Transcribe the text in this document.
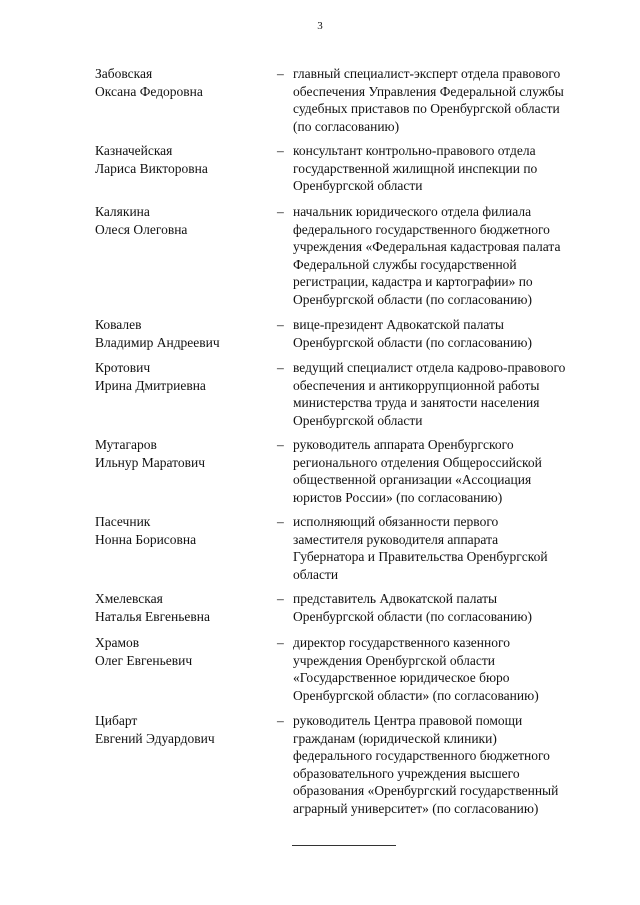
3
Забовская
Оксана Федоровна
– главный специалист-эксперт отдела правового
обеспечения Управления Федеральной службы
судебных приставов по Оренбургской области
(по согласованию)
Казначейская
Лариса Викторовна
– консультант контрольно-правового отдела
государственной жилищной инспекции по
Оренбургской области
Калякина
Олеся Олеговна
– начальник юридического отдела филиала
федерального государственного бюджетного
учреждения «Федеральная кадастровая палата
Федеральной службы государственной
регистрации, кадастра и картографии» по
Оренбургской области (по согласованию)
Ковалев
Владимир Андреевич
– вице-президент Адвокатской палаты
Оренбургской области (по согласованию)
Кротович
Ирина Дмитриевна
– ведущий специалист отдела кадрово-правового
обеспечения и антикоррупционной работы
министерства труда и занятости населения
Оренбургской области
Мутагаров
Ильнур Маратович
– руководитель аппарата Оренбургского
регионального отделения Общероссийской
общественной организации «Ассоциация
юристов России» (по согласованию)
Пасечник
Нонна Борисовна
– исполняющий обязанности первого
заместителя руководителя аппарата
Губернатора и Правительства Оренбургской
области
Хмелевская
Наталья Евгеньевна
– представитель Адвокатской палаты
Оренбургской области (по согласованию)
Храмов
Олег Евгеньевич
– директор государственного казенного
учреждения Оренбургской области
«Государственное юридическое бюро
Оренбургской области» (по согласованию)
Цибарт
Евгений Эдуардович
– руководитель Центра правовой помощи
гражданам (юридической клиники)
федерального государственного бюджетного
образовательного учреждения высшего
образования «Оренбургский государственный
аграрный университет» (по согласованию)
